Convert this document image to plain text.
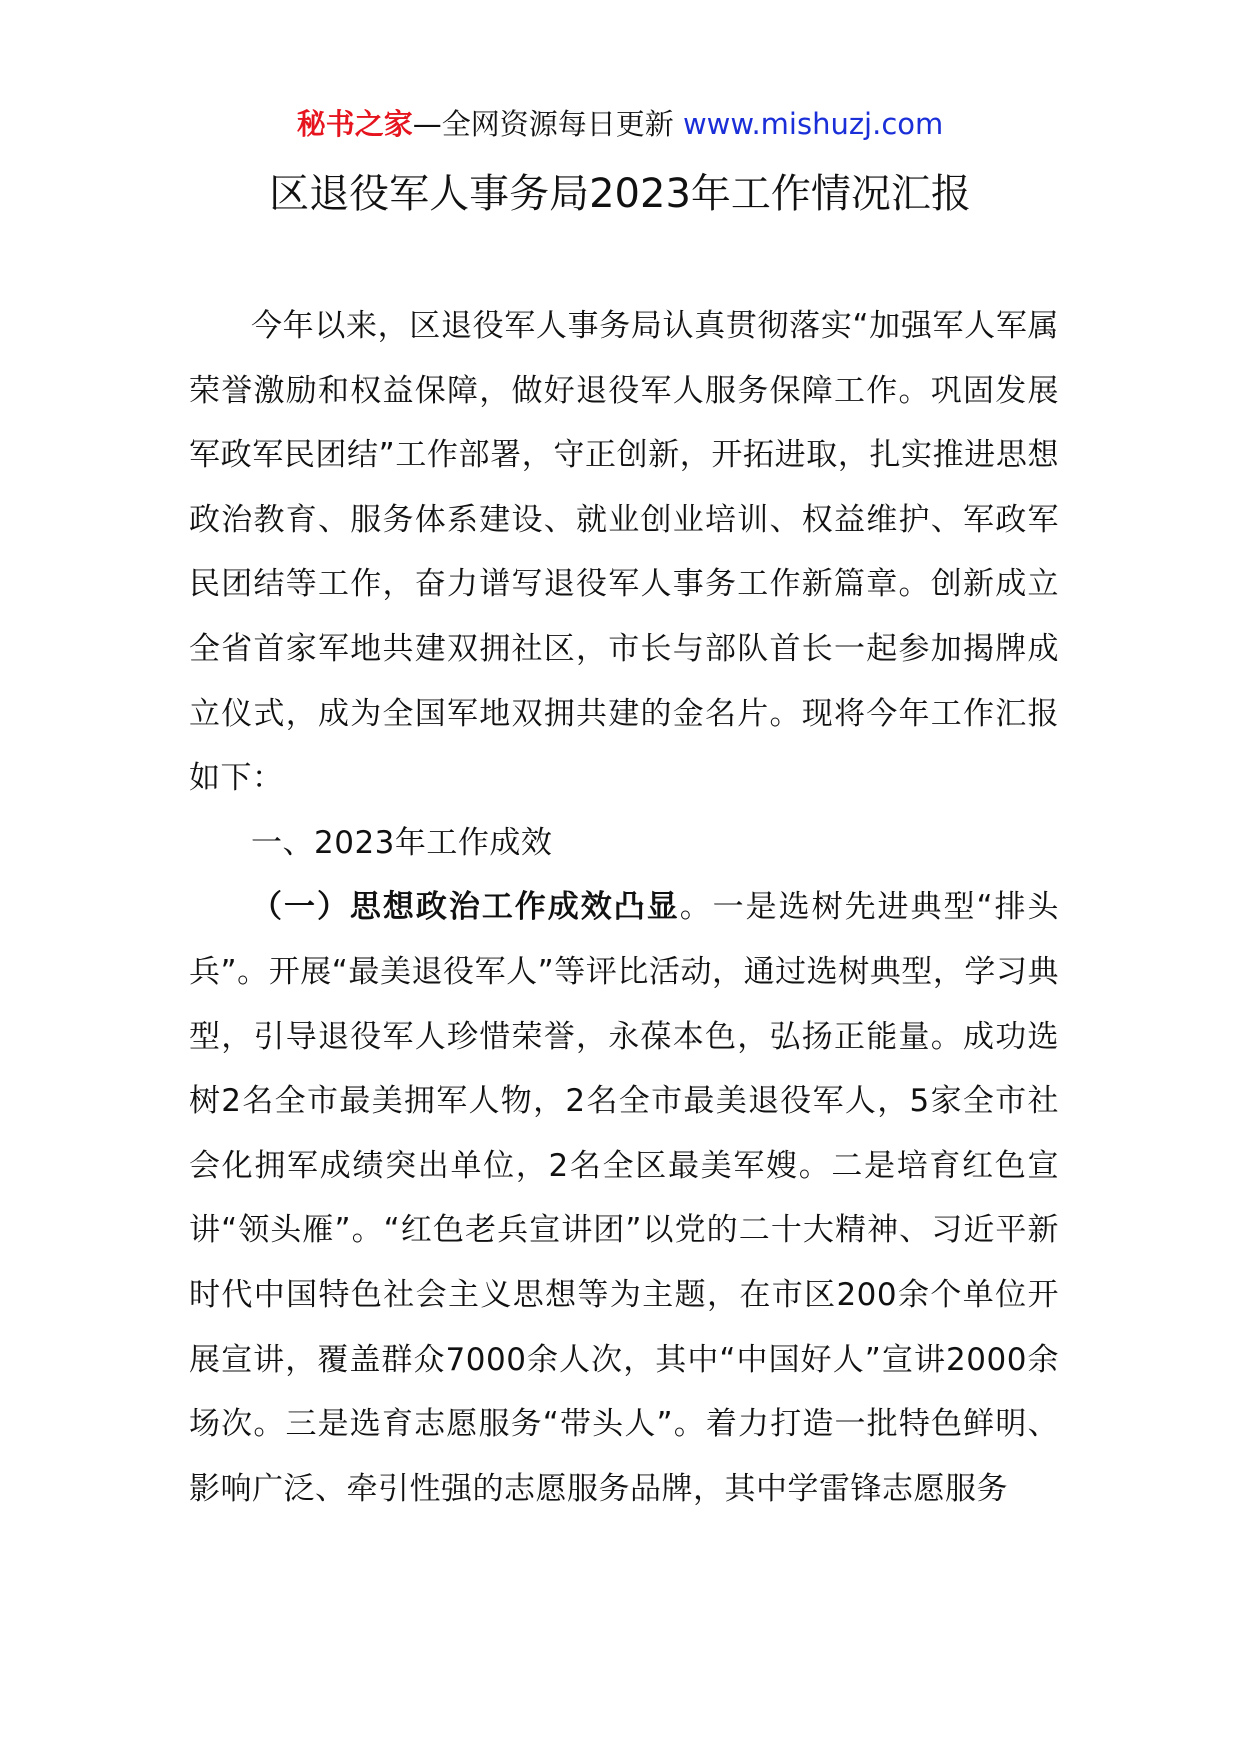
秘书之家—全网资源每日更新 www.mishuzj.com
区退役军人事务局2023年工作情况汇报

今年以来，区退役军人事务局认真贯彻落实“加强军人军属荣誉激励和权益保障，做好退役军人服务保障工作。巩固发展军政军民团结”工作部署，守正创新，开拓进取，扎实推进思想政治教育、服务体系建设、就业创业培训、权益维护、军政军民团结等工作，奋力谱写退役军人事务工作新篇章。创新成立全省首家军地共建双拥社区，市长与部队首长一起参加揭牌成立仪式，成为全国军地双拥共建的金名片。现将今年工作汇报如下：

一、2023年工作成效

（一）思想政治工作成效凸显。一是选树先进典型“排头兵”。开展“最美退役军人”等评比活动，通过选树典型，学习典型，引导退役军人珍惜荣誉，永葆本色，弘扬正能量。成功选树2名全市最美拥军人物，2名全市最美退役军人，5家全市社会化拥军成绩突出单位，2名全区最美军嫂。二是培育红色宣讲“领头雁”。“红色老兵宣讲团”以党的二十大精神、习近平新时代中国特色社会主义思想等为主题，在市区200余个单位开展宣讲，覆盖群众7000余人次，其中“中国好人”宣讲2000余场次。三是选育志愿服务“带头人”。着力打造一批特色鲜明、影响广泛、牵引性强的志愿服务品牌，其中学雷锋志愿服务
